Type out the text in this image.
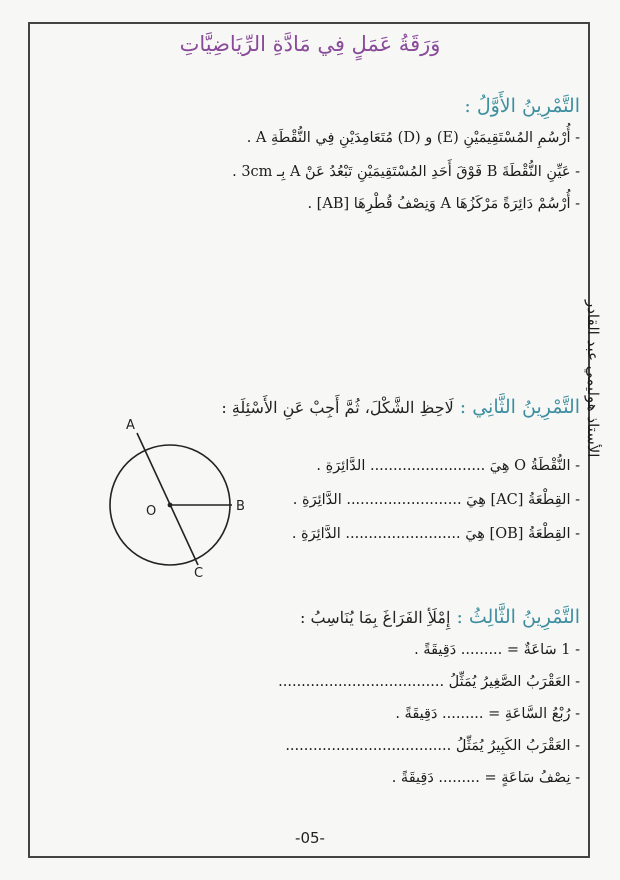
وَرَقَةُ عَمَلٍ فِي مَادَّةِ الرِّيَاضِيَّاتِ
التَّمْرِينُ الأَوَّلُ :
- أُرْسُمِ المُسْتَقِيمَيْنِ (E) و (D) مُتَعَامِدَيْنِ فِي النُّقْطَةِ A .
- عَيِّنِ النُّقْطَةَ B فَوْقَ أَحَدِ المُسْتَقِيمَيْنِ تَبْعُدُ عَنْ A بِـ 3cm .
- أُرْسُمْ دَائِرَةً مَرْكَزُهَا A وَنِصْفُ قُطْرِهَا [AB] .
التَّمْرِينُ الثَّانِي : لَاحِظِ الشَّكْلَ، ثُمَّ أَجِبْ عَنِ الأَسْئِلَةِ :
- النُّقْطَةُ O هِيَ ......................... الدَّائِرَةِ .
- القِطْعَةُ [AC] هِيَ ......................... الدَّائِرَةِ .
- القِطْعَةُ [OB] هِيَ ......................... الدَّائِرَةِ .
A
B
C
O
التَّمْرِينُ الثَّالِثُ : إِمْلَأِ الفَرَاغَ بِمَا يُنَاسِبُ :
- 1 سَاعَةٌ = ......... دَقِيقَةً .
- العَقْرَبُ الصَّغِيرُ يُمَثِّلُ ....................................
- رُبْعُ السَّاعَةِ = ......... دَقِيقَةً .
- العَقْرَبُ الكَبِيرُ يُمَثِّلُ ....................................
- نِصْفُ سَاعَةٍ = ......... دَقِيقَةً .
الأستاذ هوليمي عبد القادر
-05-
